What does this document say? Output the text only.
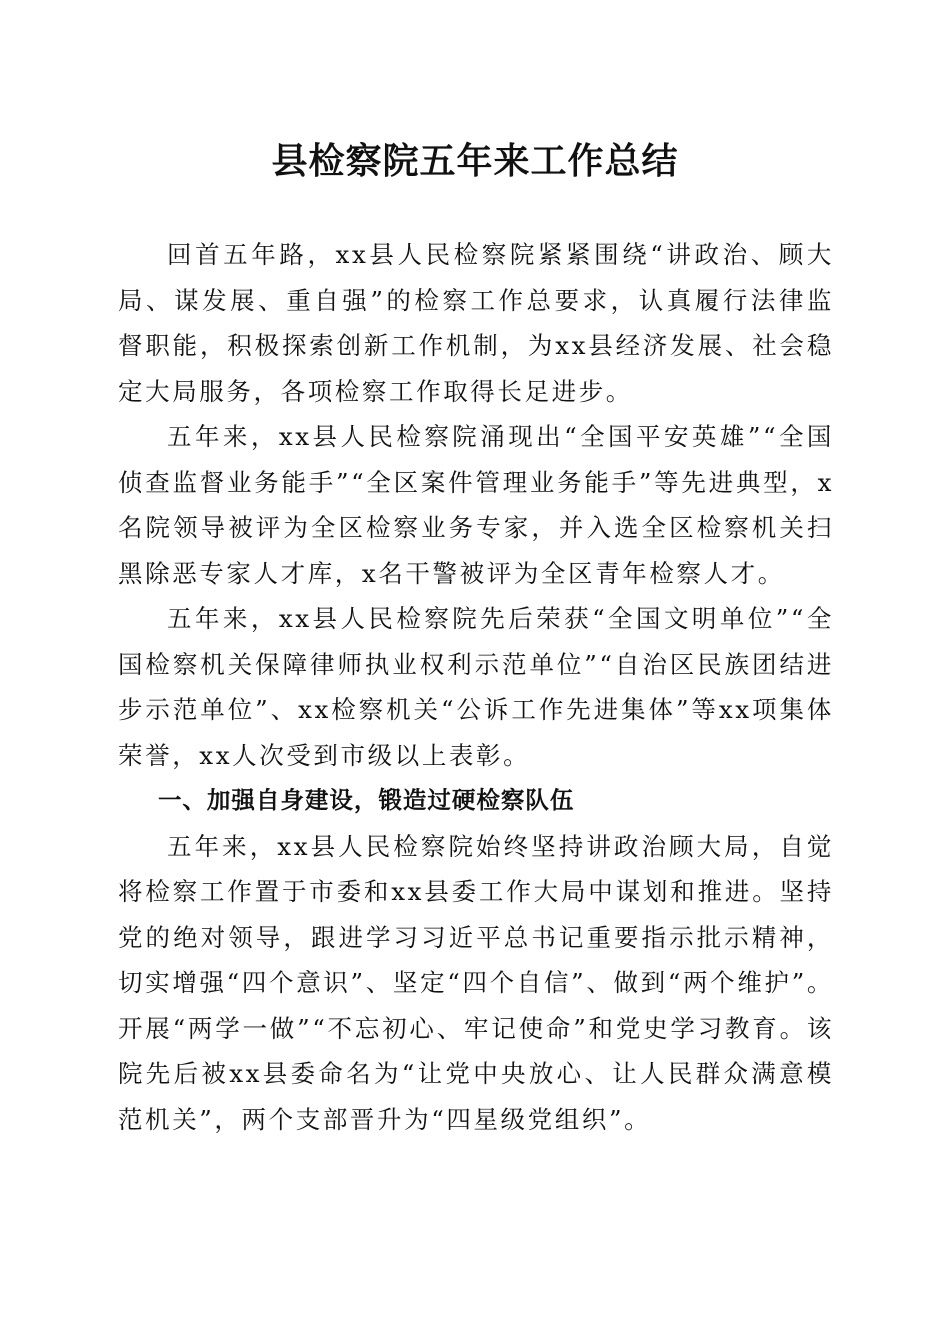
县检察院五年来工作总结

回首五年路，xx县人民检察院紧紧围绕“讲政治、顾大局、谋发展、重自强”的检察工作总要求，认真履行法律监督职能，积极探索创新工作机制，为xx县经济发展、社会稳定大局服务，各项检察工作取得长足进步。

五年来，xx县人民检察院涌现出“全国平安英雄”“全国侦查监督业务能手”“全区案件管理业务能手”等先进典型，x名院领导被评为全区检察业务专家，并入选全区检察机关扫黑除恶专家人才库，x名干警被评为全区青年检察人才。

五年来，xx县人民检察院先后荣获“全国文明单位”“全国检察机关保障律师执业权利示范单位”“自治区民族团结进步示范单位”、xx检察机关“公诉工作先进集体”等xx项集体荣誉，xx人次受到市级以上表彰。

一、加强自身建设，锻造过硬检察队伍

五年来，xx县人民检察院始终坚持讲政治顾大局，自觉将检察工作置于市委和xx县委工作大局中谋划和推进。坚持党的绝对领导，跟进学习习近平总书记重要指示批示精神，切实增强“四个意识”、坚定“四个自信”、做到“两个维护”。开展“两学一做”“不忘初心、牢记使命”和党史学习教育。该院先后被xx县委命名为“让党中央放心、让人民群众满意模范机关”，两个支部晋升为“四星级党组织”。
